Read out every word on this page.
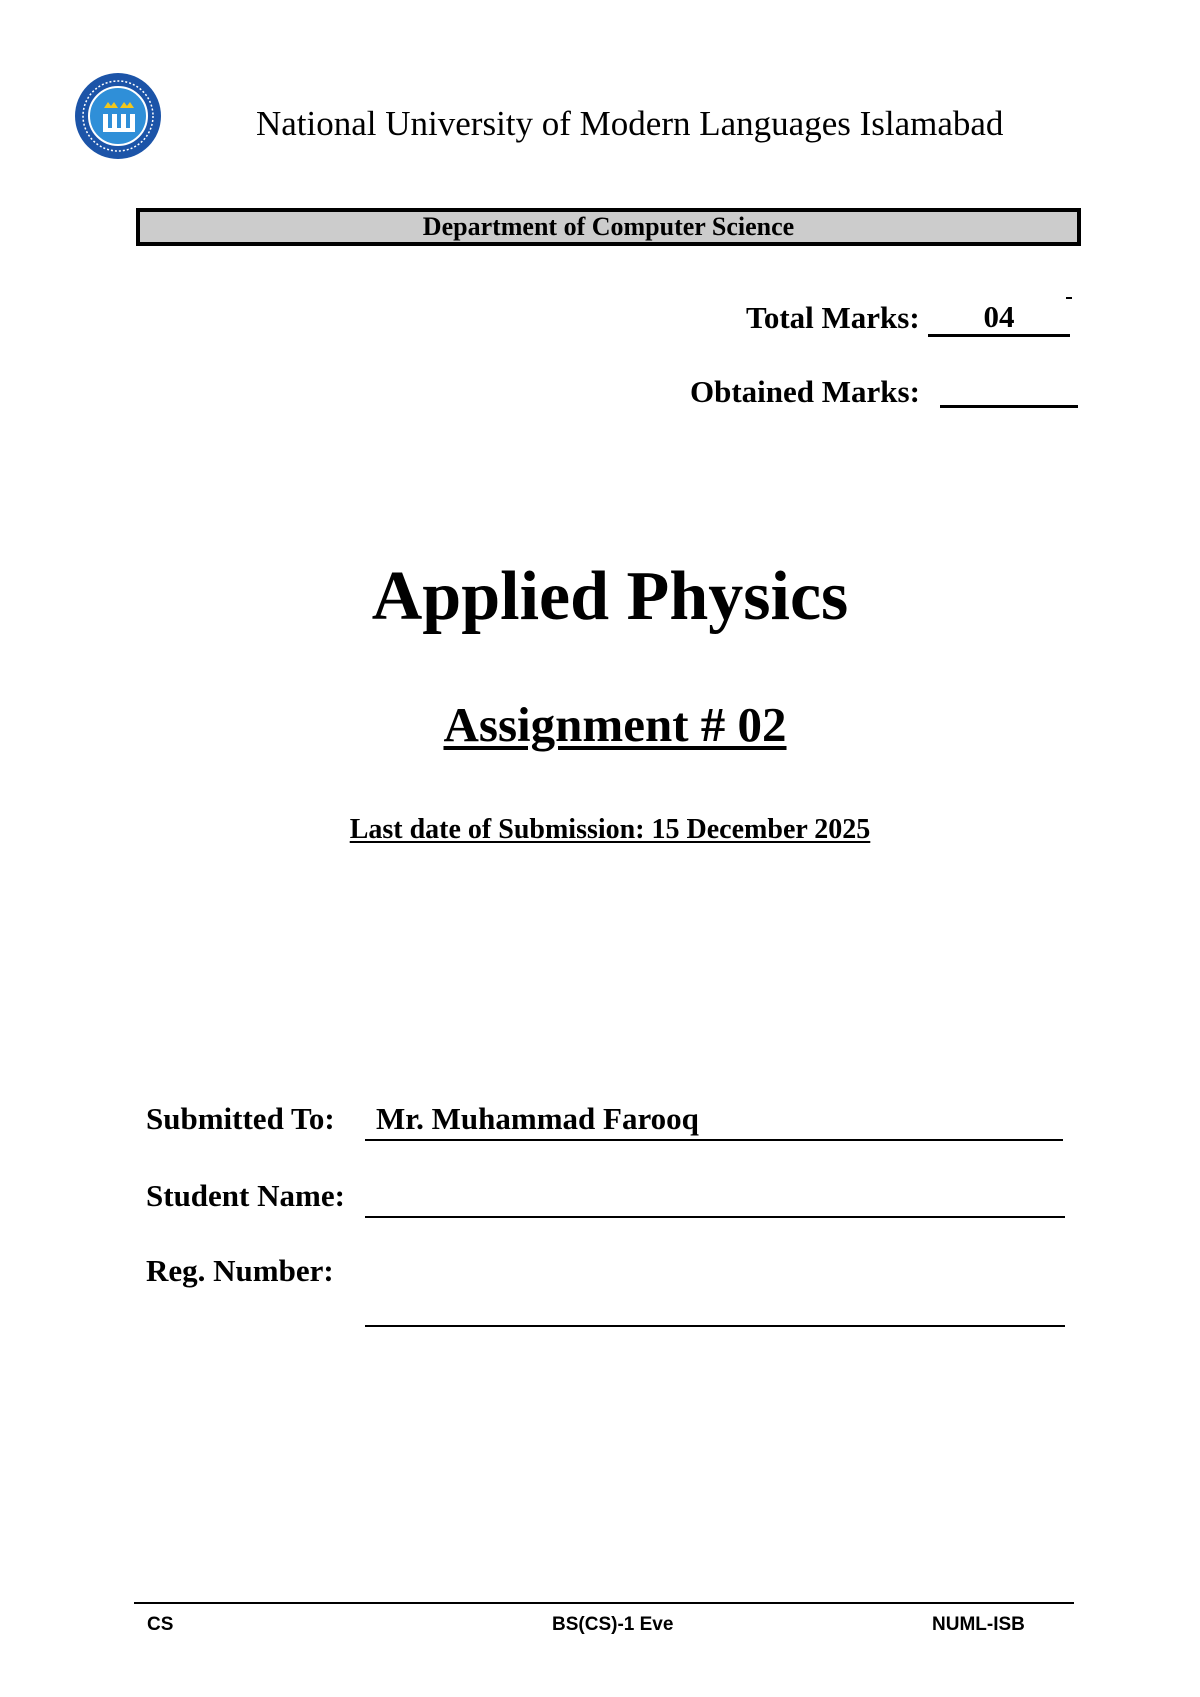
National University of Modern Languages Islamabad
Department of Computer Science
Total Marks:	04
Obtained Marks:
Applied Physics
Assignment # 02
Last date of Submission: 15 December 2025
Submitted To: Mr. Muhammad Farooq
Student Name:
Reg. Number:
CS	BS(CS)-1 Eve	NUML-ISB
